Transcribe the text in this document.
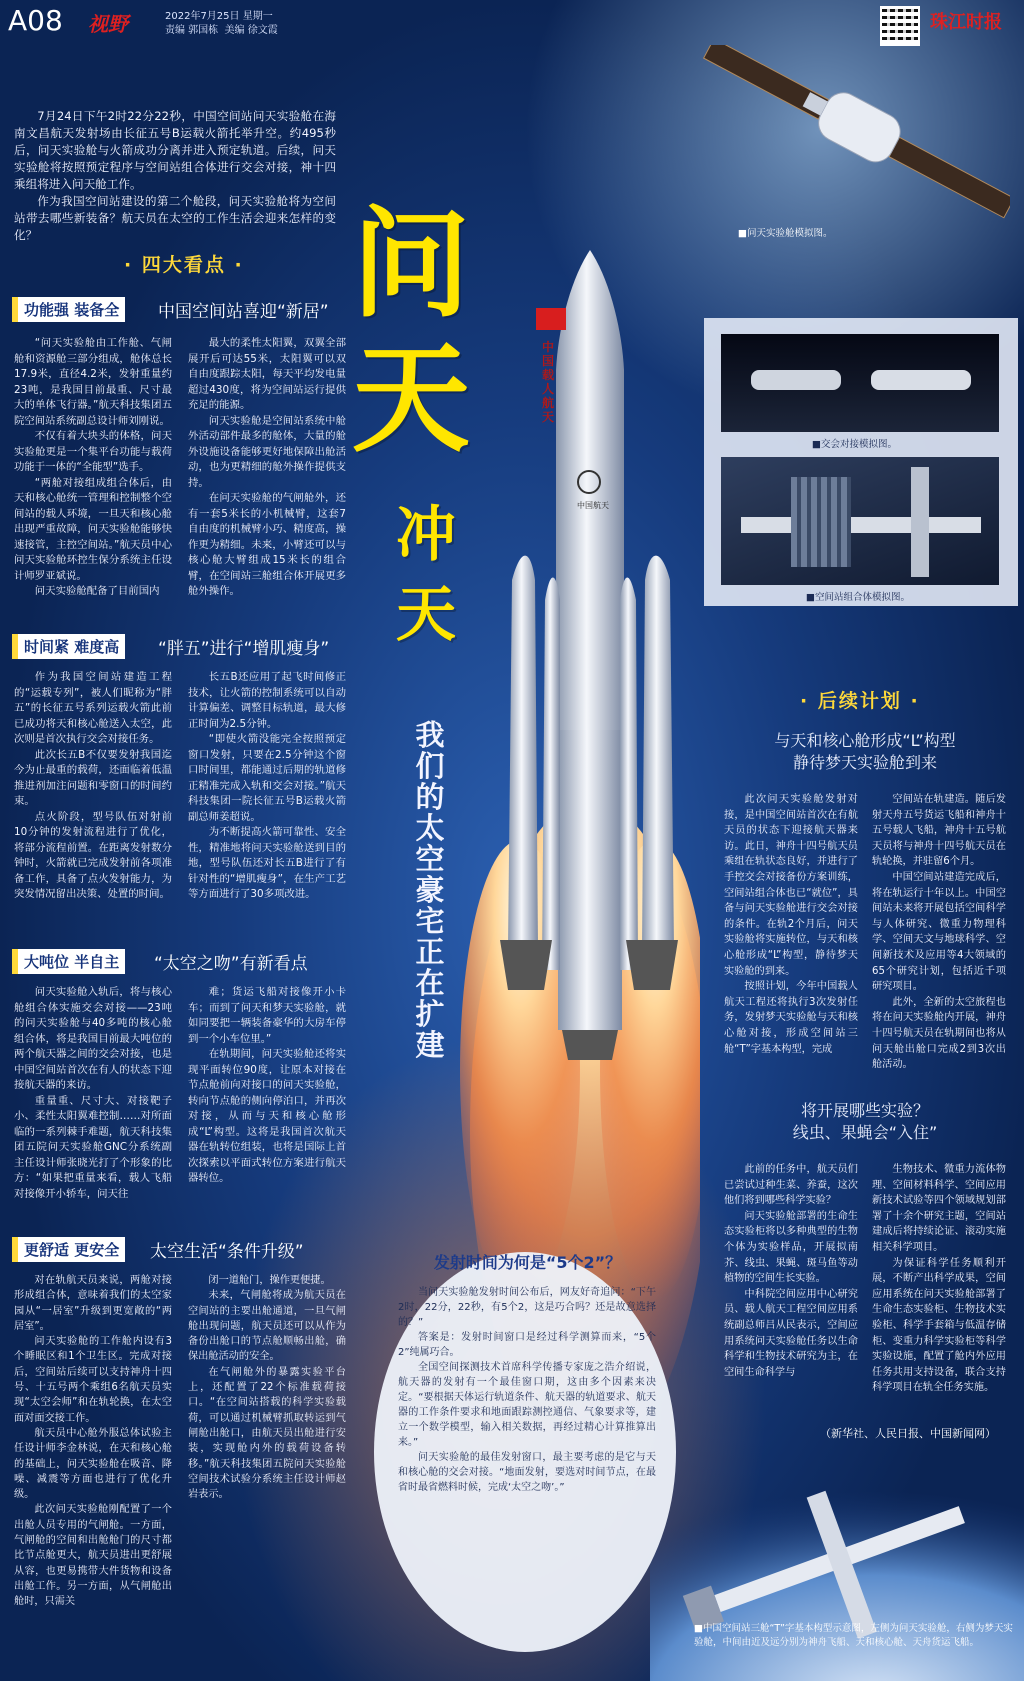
A08 视野	2022年7月25日 星期一
责编 郭国栋  美编 徐文霞	珠江时报

7月24日下午2时22分22秒，中国空间站问天实验舱在海南文昌航天发射场由长征五号B运载火箭托举升空。约495秒后，问天实验舱与火箭成功分离并进入预定轨道。后续，问天实验舱将按照预定程序与空间站组合体进行交会对接，神十四乘组将进入问天舱工作。

作为我国空间站建设的第二个舱段，问天实验舱将为空间站带去哪些新装备？航天员在太空的工作生活会迎来怎样的变化？	问
天
冲
天
我们的太空豪宅正在扩建
中国载人航天
中国航天
■问天实验舱模拟图。
■交会对接模拟图。
■空间站组合体模拟图。
· 四大看点 ·
功能强 装备全	中国空间站喜迎“新居”

“问天实验舱由工作舱、气闸舱和资源舱三部分组成，舱体总长17.9米，直径4.2米，发射重量约23吨，是我国目前最重、尺寸最大的单体飞行器。”航天科技集团五院空间站系统副总设计师刘刚说。

不仅有着大块头的体格，问天实验舱更是一个集平台功能与载荷功能于一体的“全能型”选手。

“两舱对接组成组合体后，由天和核心舱统一管理和控制整个空间站的载人环境，一旦天和核心舱出现严重故障，问天实验舱能够快速接管，主控空间站。”航天员中心问天实验舱环控生保分系统主任设计师罗亚斌说。

问天实验舱配备了目前国内

最大的柔性太阳翼，双翼全部展开后可达55米，太阳翼可以双自由度跟踪太阳，每天平均发电量超过430度，将为空间站运行提供充足的能源。

问天实验舱是空间站系统中舱外活动部件最多的舱体，大量的舱外设施设备能够更好地保障出舱活动，也为更精细的舱外操作提供支持。

在问天实验舱的气闸舱外，还有一套5米长的小机械臂，这套7自由度的机械臂小巧、精度高，操作更为精细。未来，小臂还可以与核心舱大臂组成15米长的组合臂，在空间站三舱组合体开展更多舱外操作。

时间紧 难度高	“胖五”进行“增肌瘦身”

作为我国空间站建造工程的“运载专列”，被人们昵称为“胖五”的长征五号系列运载火箭此前已成功将天和核心舱送入太空，此次则是首次执行交会对接任务。

此次长五B不仅要发射我国迄今为止最重的载荷，还面临着低温推进剂加注问题和零窗口的时间约束。

点火阶段，型号队伍对射前10分钟的发射流程进行了优化，将部分流程前置。在距离发射数分钟时，火箭就已完成发射前各项准备工作，具备了点火发射能力，为突发情况留出决策、处置的时间。

长五B还应用了起飞时间修正技术，让火箭的控制系统可以自动计算偏差、调整目标轨道，最大修正时间为2.5分钟。

“即使火箭没能完全按照预定窗口发射，只要在2.5分钟这个窗口时间里，都能通过后期的轨道修正精准完成入轨和交会对接。”航天科技集团一院长征五号B运载火箭副总师姜超说。

为不断提高火箭可靠性、安全性，精准地将问天实验舱送到目的地，型号队伍还对长五B进行了有针对性的“增肌瘦身”，在生产工艺等方面进行了30多项改进。

大吨位 半自主	“太空之吻”有新看点

问天实验舱入轨后，将与核心舱组合体实施交会对接——23吨的问天实验舱与40多吨的核心舱组合体，将是我国目前最大吨位的两个航天器之间的交会对接，也是中国空间站首次在有人的状态下迎接航天器的来访。

重量重、尺寸大、对接靶子小、柔性太阳翼难控制……对所面临的一系列棘手难题，航天科技集团五院问天实验舱GNC分系统副主任设计师张晓光打了个形象的比方：“如果把重量来看，载人飞船对接像开小轿车，问天往

难；货运飞船对接像开小卡车；而到了问天和梦天实验舱，就如同要把一辆装备豪华的大房车停到一个小车位里。”

在轨期间，问天实验舱还将实现平面转位90度，让原本对接在节点舱前向对接口的问天实验舱，转向节点舱的侧向停泊口，并再次对接，从而与天和核心舱形成“L”构型。这将是我国首次航天器在轨转位组装，也将是国际上首次探索以平面式转位方案进行航天器转位。

更舒适 更安全	太空生活“条件升级”

对在轨航天员来说，两舱对接形成组合体，意味着我们的太空家园从“一居室”升级到更宽敞的“两居室”。

问天实验舱的工作舱内设有3个睡眠区和1个卫生区。完成对接后，空间站后续可以支持神舟十四号、十五号两个乘组6名航天员实现“太空会师”和在轨轮换，在太空面对面交接工作。

航天员中心舱外服总体试验主任设计师李金林说，在天和核心舱的基础上，问天实验舱在吸音、降噪、减震等方面也进行了优化升级。

此次问天实验舱刚配置了一个出舱人员专用的气闸舱。一方面，气闸舱的空间和出舱舱门的尺寸都比节点舱更大，航天员进出更舒展从容，也更易携带大件货物和设备出舱工作。另一方面，从气闸舱出舱时，只需关

闭一道舱门，操作更便捷。

未来，气闸舱将成为航天员在空间站的主要出舱通道，一旦气闸舱出现问题，航天员还可以从作为备份出舱口的节点舱顺畅出舱，确保出舱活动的安全。

在气闸舱外的暴露实验平台上，还配置了22个标准载荷接口。“在空间站搭载的科学实验载荷，可以通过机械臂抓取转运到气闸舱出舱口，由航天员出舱进行安装，实现舱内外的载荷设备转移。”航天科技集团五院问天实验舱空间技术试验分系统主任设计师赵岩表示。

· 后续计划 ·
与天和核心舱形成“L”构型
静待梦天实验舱到来

此次问天实验舱发射对接，是中国空间站首次在有航天员的状态下迎接航天器来访。此日，神舟十四号航天员乘组在轨状态良好，并进行了手控交会对接备份方案训练，空间站组合体也已“就位”，具备与问天实验舱进行交会对接的条件。在轨2个月后，问天实验舱将实施转位，与天和核心舱形成“L”构型，静待梦天实验舱的到来。

按照计划，今年中国载人航天工程还将执行3次发射任务，发射梦天实验舱与天和核心舱对接，形成空间站三舱“T”字基本构型，完成

空间站在轨建造。随后发射天舟五号货运飞船和神舟十五号载人飞船，神舟十五号航天员将与神舟十四号航天员在轨轮换，并驻留6个月。

中国空间站建造完成后，将在轨运行十年以上。中国空间站未来将开展包括空间科学与人体研究、微重力物理科学、空间天文与地球科学、空间新技术及应用等4大领域的65个研究计划，包括近千项研究项目。

此外，全新的太空旅程也将在问天实验舱内开展，神舟十四号航天员在轨期间也将从问天舱出舱口完成2到3次出舱活动。

将开展哪些实验？
线虫、果蝇会“入住”

此前的任务中，航天员们已尝试过种生菜、养蚕，这次他们将到哪些科学实验？

问天实验舱部署的生命生态实验柜将以多种典型的生物个体为实验样品，开展拟南芥、线虫、果蝇、斑马鱼等动植物的空间生长实验。

中科院空间应用中心研究员、载人航天工程空间应用系统副总师吕从民表示，空间应用系统问天实验舱任务以生命科学和生物技术研究为主，在空间生命科学与

生物技术、微重力流体物理、空间材料科学、空间应用新技术试验等四个领域规划部署了十余个研究主题，空间站建成后将持续论证、滚动实施相关科学项目。

为保证科学任务顺利开展，不断产出科学成果，空间应用系统在问天实验舱部署了生命生态实验柜、生物技术实验柜、科学手套箱与低温存储柜、变重力科学实验柜等科学实验设施，配置了舱内外应用任务共用支持设备，联合支持科学项目在轨全任务实施。

（新华社、人民日报、中国新闻网）
■中国空间站三舱“T”字基本构型示意图，左侧为问天实验舱，右侧为梦天实验舱，中间由近及远分别为神舟飞船、天和核心舱、天舟货运飞船。
发射时间为何是“5个2”？

当问天实验舱发射时间公布后，网友好奇追问：“下午2时，22分，22秒，有5个2，这是巧合吗？还是故意选择的？”

答案是：发射时间窗口是经过科学测算而来，“5个2”纯属巧合。

全国空间探测技术首席科学传播专家庞之浩介绍说，航天器的发射有一个最佳窗口期，这由多个因素来决定。“要根据天体运行轨道条件、航天器的轨道要求、航天器的工作条件要求和地面跟踪测控通信、气象要求等，建立一个数学模型，输入相关数据，再经过精心计算推算出来。”

问天实验舱的最佳发射窗口，最主要考虑的是它与天和核心舱的交会对接。“地面发射，要选对时间节点，在最省时最省燃料时候，完成‘太空之吻’。”
